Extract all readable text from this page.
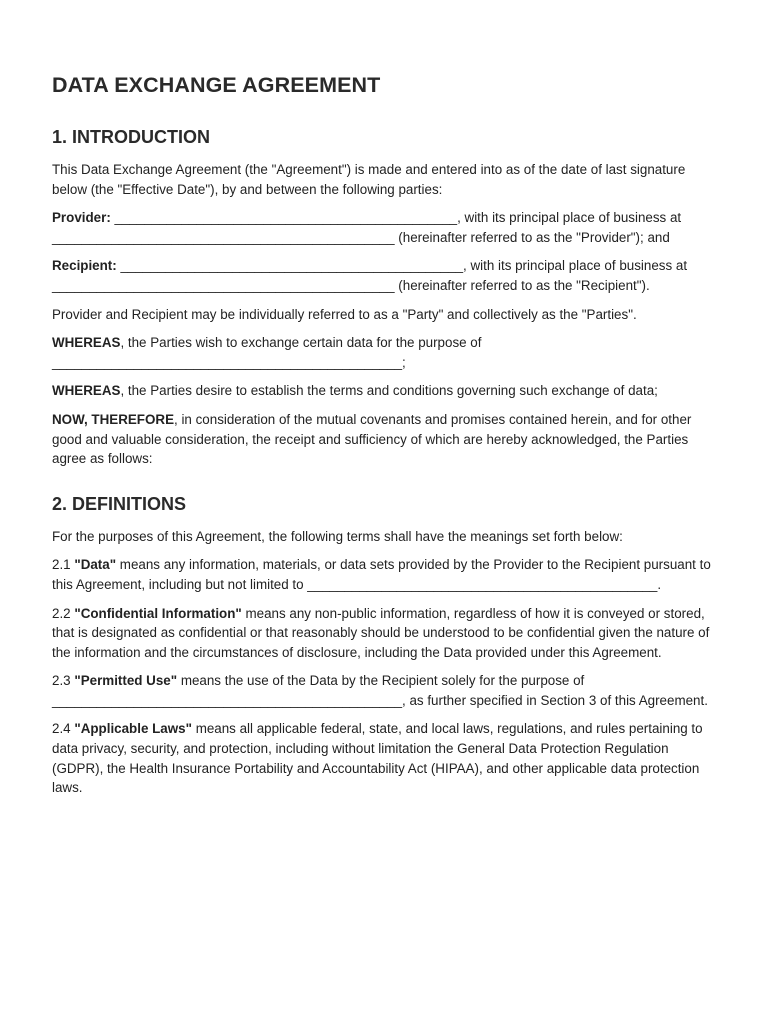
DATA EXCHANGE AGREEMENT
1. INTRODUCTION

This Data Exchange Agreement (the "Agreement") is made and entered into as of the date of last signature below (the "Effective Date"), by and between the following parties:

Provider: ______________________________________________, with its principal place of business at ______________________________________________ (hereinafter referred to as the "Provider"); and

Recipient: ______________________________________________, with its principal place of business at ______________________________________________ (hereinafter referred to as the "Recipient").

Provider and Recipient may be individually referred to as a "Party" and collectively as the "Parties".

WHEREAS, the Parties wish to exchange certain data for the purpose of _______________________________________________;

WHEREAS, the Parties desire to establish the terms and conditions governing such exchange of data;

NOW, THEREFORE, in consideration of the mutual covenants and promises contained herein, and for other good and valuable consideration, the receipt and sufficiency of which are hereby acknowledged, the Parties agree as follows:

2. DEFINITIONS

For the purposes of this Agreement, the following terms shall have the meanings set forth below:

2.1 "Data" means any information, materials, or data sets provided by the Provider to the Recipient pursuant to this Agreement, including but not limited to _______________________________________________.

2.2 "Confidential Information" means any non-public information, regardless of how it is conveyed or stored, that is designated as confidential or that reasonably should be understood to be confidential given the nature of the information and the circumstances of disclosure, including the Data provided under this Agreement.

2.3 "Permitted Use" means the use of the Data by the Recipient solely for the purpose of _______________________________________________, as further specified in Section 3 of this Agreement.

2.4 "Applicable Laws" means all applicable federal, state, and local laws, regulations, and rules pertaining to data privacy, security, and protection, including without limitation the General Data Protection Regulation (GDPR), the Health Insurance Portability and Accountability Act (HIPAA), and other applicable data protection laws.
